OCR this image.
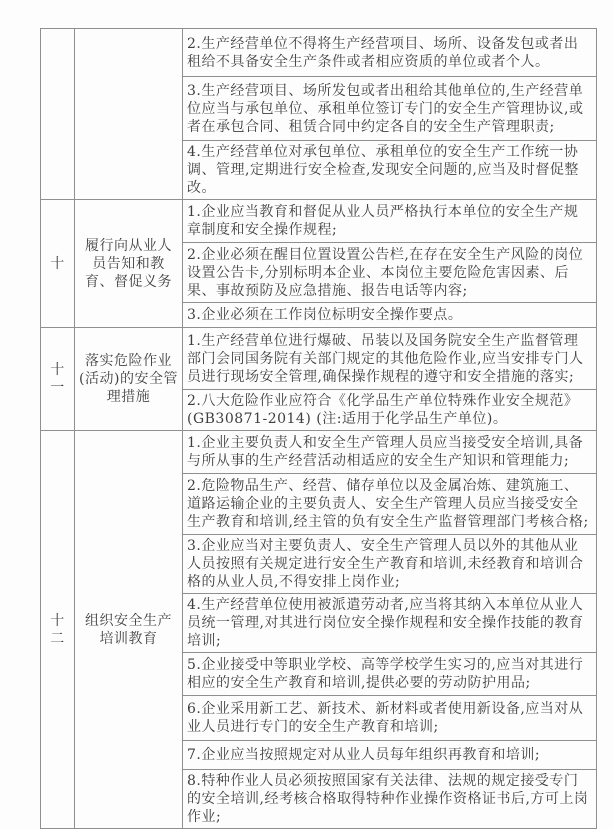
		2.生产经营单位不得将生产经营项目、场所、设备发包或者出租给不具备安全生产条件或者相应资质的单位或者个人。
		3.生产经营项目、场所发包或者出租给其他单位的,生产经营单位应当与承包单位、承租单位签订专门的安全生产管理协议,或者在承包合同、租赁合同中约定各自的安全生产管理职责;
		4.生产经营单位对承包单位、承租单位的安全生产工作统一协调、管理,定期进行安全检查,发现安全问题的,应当及时督促整改。
十	履行向从业人员告知和教育、督促义务	1.企业应当教育和督促从业人员严格执行本单位的安全生产规章制度和安全操作规程;
		2.企业必须在醒目位置设置公告栏,在存在安全生产风险的岗位设置公告卡,分别标明本企业、本岗位主要危险危害因素、后果、事故预防及应急措施、报告电话等内容;
		3.企业必须在工作岗位标明安全操作要点。
十一	落实危险作业(活动)的安全管理措施	1.生产经营单位进行爆破、吊装以及国务院安全生产监督管理部门会同国务院有关部门规定的其他危险作业,应当安排专门人员进行现场安全管理,确保操作规程的遵守和安全措施的落实;
		2.八大危险作业应符合《化学品生产单位特殊作业安全规范》(GB30871-2014) (注:适用于化学品生产单位)。
十二	组织安全生产培训教育	1.企业主要负责人和安全生产管理人员应当接受安全培训,具备与所从事的生产经营活动相适应的安全生产知识和管理能力;
		2.危险物品生产、经营、储存单位以及金属冶炼、建筑施工、道路运输企业的主要负责人、安全生产管理人员应当接受安全生产教育和培训,经主管的负有安全生产监督管理部门考核合格;
		3.企业应当对主要负责人、安全生产管理人员以外的其他从业人员按照有关规定进行安全生产教育和培训,未经教育和培训合格的从业人员,不得安排上岗作业;
		4.生产经营单位使用被派遣劳动者,应当将其纳入本单位从业人员统一管理,对其进行岗位安全操作规程和安全操作技能的教育培训;
		5.企业接受中等职业学校、高等学校学生实习的,应当对其进行相应的安全生产教育和培训,提供必要的劳动防护用品;
		6.企业采用新工艺、新技术、新材料或者使用新设备,应当对从业人员进行专门的安全生产教育和培训;
		7.企业应当按照规定对从业人员每年组织再教育和培训;
		8.特种作业人员必须按照国家有关法律、法规的规定接受专门的安全培训,经考核合格取得特种作业操作资格证书后,方可上岗作业;
